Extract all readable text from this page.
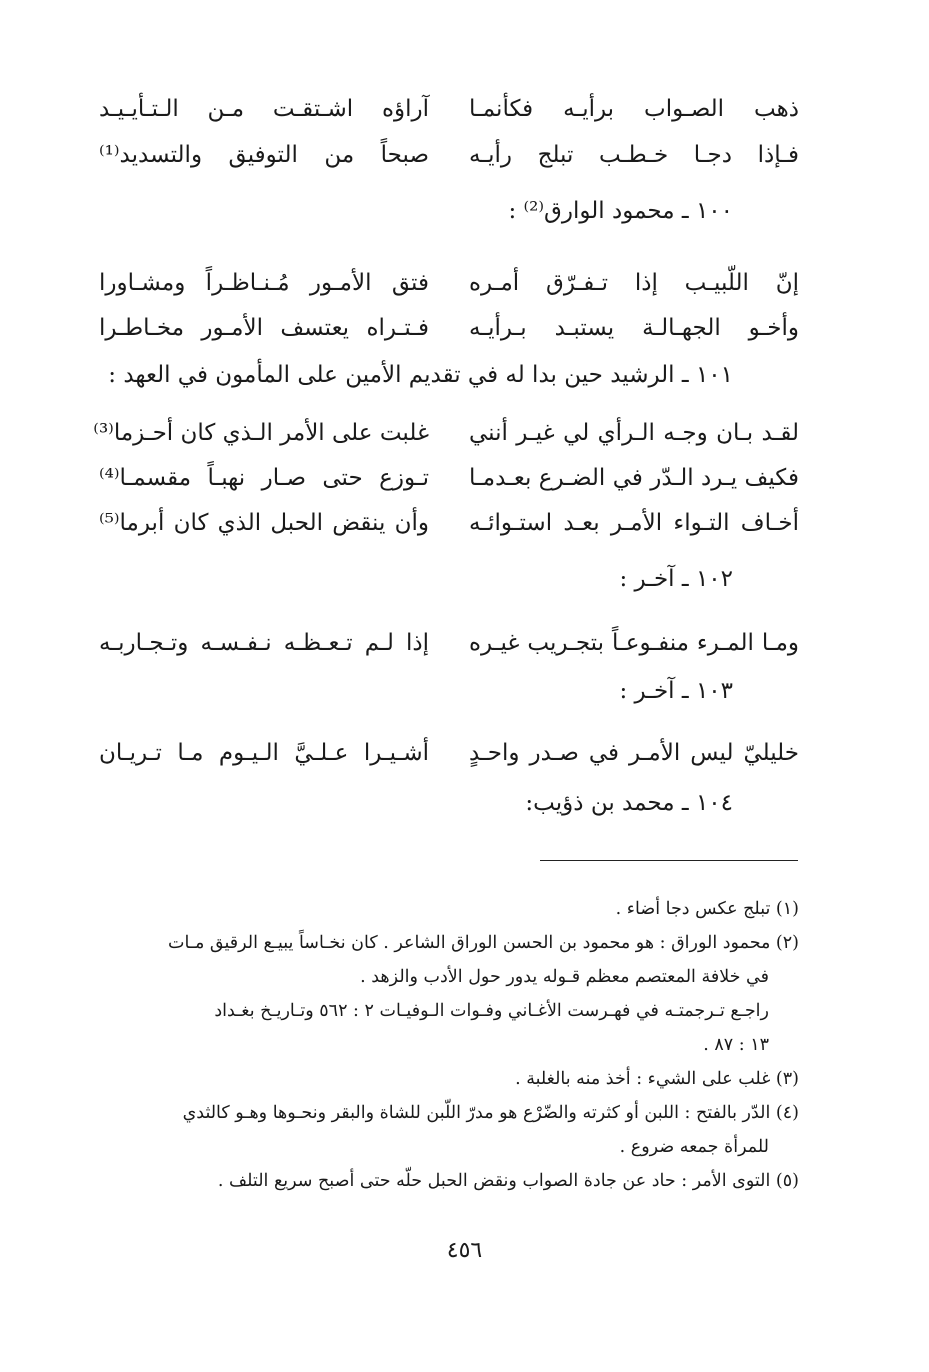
ذهب الصـواب برأيـه فكأنمـا
آراؤه اشـتقـت مـن الـتـأيـيـد
فـإذا دجـا خـطـب تبلج رأيـه
صبحاً من التوفيق والتسديد⁽¹⁾
١٠٠ ـ محمود الوارق⁽²⁾ :
إنّ اللّبيـب إذا تـفـرّق أمـره
فتق الأمـور مُـنـاظـراً ومشـاورا
وأخـو الجهـالـة يستبـد بـرأيـه
فـتـراه يعتسف الأمـور مخـاطـرا
١٠١ ـ الرشيد حين بدا له في تقديم الأمين على المأمون في العهد :
لقـد بـان وجـه الـرأي لي غيـر أنني
غلبت على الأمر الـذي كان أحـزما⁽³⁾
فكيف يـرد الـدّر في الضـرع بعـدمـا
تـوزع حتى صـار نهبـاً مقسمـا⁽⁴⁾
أخـاف التـواء الأمـر بعـد استـوائـه
وأن ينقض الحبل الذي كان أبرما⁽⁵⁾
١٠٢ ـ آخـر :
ومـا المـرء منفـوعـاً بتجـريب غيـره
إذا لـم تـعـظـه نـفـسـه وتـجـاربـه
١٠٣ ـ آخـر :
خليليّ ليس الأمـر في صـدر واحـدٍ
أشـيـرا عـلـيَّ الـيـوم مـا تـريـان
١٠٤ ـ محمد بن ذؤيب:
(١) تبلج عكس دجا أضاء .
(٢) محمود الوراق : هو محمود بن الحسن الوراق الشاعر . كان نخـاساً يبيـع الرقيق مـات
في خلافة المعتصم معظم قـوله يدور حول الأدب والزهد .
راجـع تـرجمتـه في فهـرست الأغـاني وفـوات الـوفيـات ٢ : ٥٦٢ وتـاريـخ بغـداد
١٣ : ٨٧ .
(٣) غلب على الشيء : أخذ منه بالغلبة .
(٤) الدّر بالفتح : اللبن أو كثرته والضّرْع هو مدرّ اللّبن للشاة والبقر ونحـوها وهـو كالثدي
للمرأة جمعه ضروع .
(٥) التوى الأمر : حاد عن جادة الصواب ونقض الحبل حلّه حتى أصبح سريع التلف .
٤٥٦
